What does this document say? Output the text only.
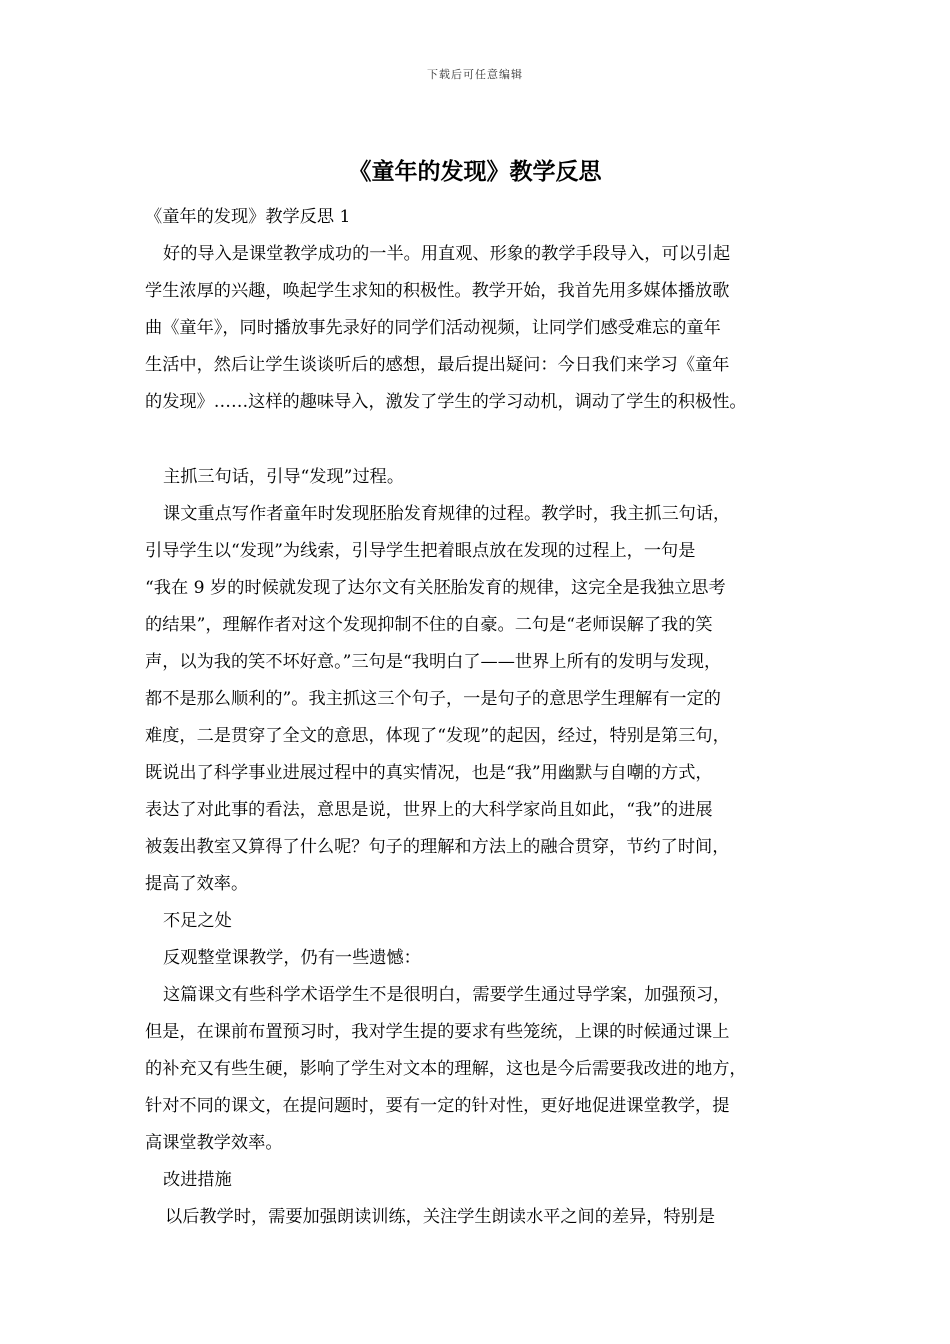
下载后可任意编辑
《童年的发现》教学反思
《童年的发现》教学反思 1
好的导入是课堂教学成功的一半。用直观、形象的教学手段导入，可以引起
学生浓厚的兴趣，唤起学生求知的积极性。教学开始，我首先用多媒体播放歌
曲《童年》，同时播放事先录好的同学们活动视频，让同学们感受难忘的童年
生活中，然后让学生谈谈听后的感想，最后提出疑问：今日我们来学习《童年
的发现》……这样的趣味导入，激发了学生的学习动机，调动了学生的积极性。
主抓三句话，引导“发现”过程。
课文重点写作者童年时发现胚胎发育规律的过程。教学时，我主抓三句话，
引导学生以“发现”为线索，引导学生把着眼点放在发现的过程上，一句是
“我在 9 岁的时候就发现了达尔文有关胚胎发育的规律，这完全是我独立思考
的结果”，理解作者对这个发现抑制不住的自豪。二句是“老师误解了我的笑
声，以为我的笑不坏好意。”三句是“我明白了——世界上所有的发明与发现，
都不是那么顺利的”。我主抓这三个句子，一是句子的意思学生理解有一定的
难度，二是贯穿了全文的意思，体现了“发现”的起因，经过，特别是第三句，
既说出了科学事业进展过程中的真实情况，也是“我”用幽默与自嘲的方式，
表达了对此事的看法，意思是说，世界上的大科学家尚且如此，“我”的进展
被轰出教室又算得了什么呢？句子的理解和方法上的融合贯穿，节约了时间，
提高了效率。
不足之处
反观整堂课教学，仍有一些遗憾：
这篇课文有些科学术语学生不是很明白，需要学生通过导学案，加强预习，
但是，在课前布置预习时，我对学生提的要求有些笼统，上课的时候通过课上
的补充又有些生硬，影响了学生对文本的理解，这也是今后需要我改进的地方，
针对不同的课文，在提问题时，要有一定的针对性，更好地促进课堂教学，提
高课堂教学效率。
改进措施
以后教学时，需要加强朗读训练，关注学生朗读水平之间的差异，特别是
